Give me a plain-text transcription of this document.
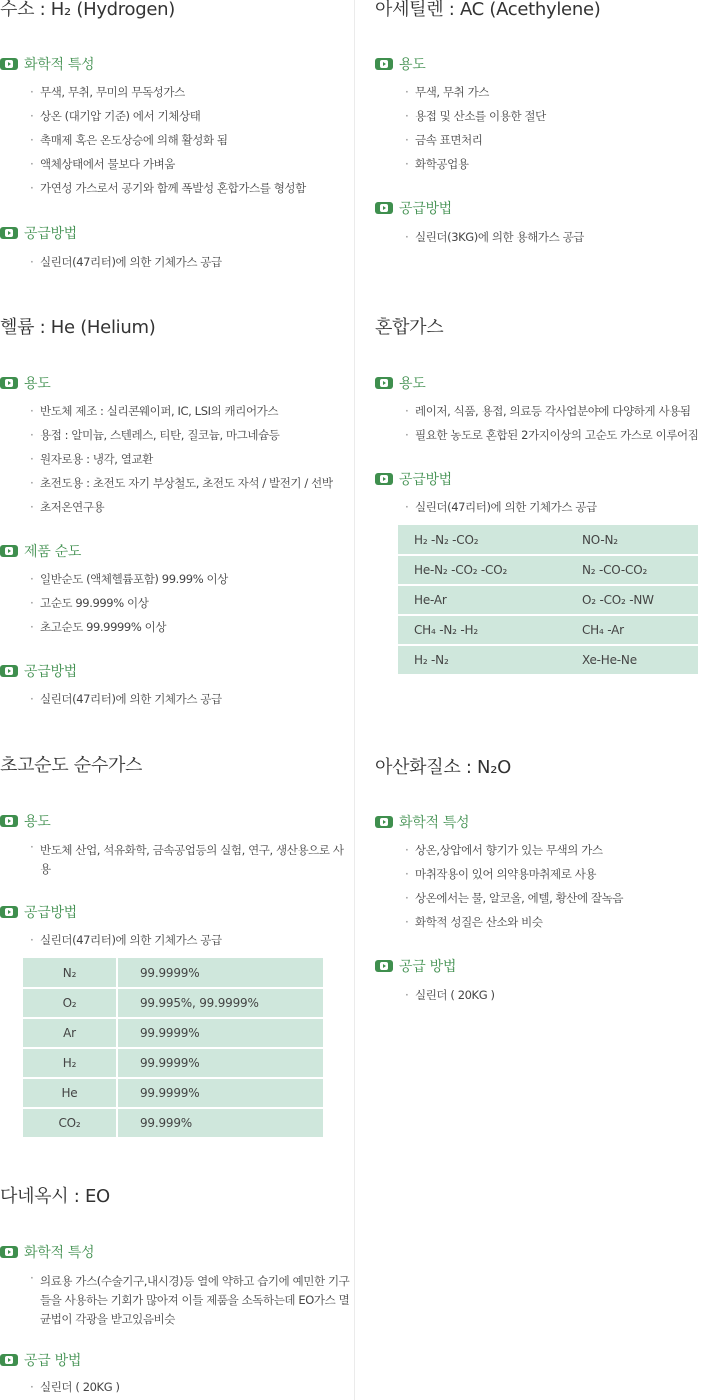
수소 : H₂ (Hydrogen)
화학적 특성
· 무색, 무취, 무미의 무독성가스
· 상온 (대기압 기준) 에서 기체상태
· 촉매제 혹은 온도상승에 의해 활성화 됨
· 액체상태에서 물보다 가벼움
· 가연성 가스로서 공기와 함께 폭발성 혼합가스를 형성함
공급방법
· 실린더(47리터)에 의한 기체가스 공급
아세틸렌 : AC (Acethylene)
용도
· 무색, 무취 가스
· 용접 및 산소를 이용한 절단
· 금속 표면처리
· 화학공업용
공급방법
· 실린더(3KG)에 의한 용해가스 공급
헬륨 : He (Helium)
용도
· 반도체 제조 : 실리콘웨이퍼, IC, LSI의 캐리어가스
· 용접 : 알미늄, 스텐레스, 티탄, 질코늄, 마그네슘등
· 원자로용 : 냉각, 열교환
· 초전도용 : 초전도 자기 부상철도, 초전도 자석 / 발전기 / 선박
· 초저온연구용
제품 순도
· 일반순도 (액체헬륨포함) 99.99% 이상
· 고순도 99.999% 이상
· 초고순도 99.9999% 이상
공급방법
· 실린더(47리터)에 의한 기체가스 공급
혼합가스
용도
· 레이저, 식품, 용접, 의료등 각사업분야에 다양하게 사용됨
· 필요한 농도로 혼합된 2가지이상의 고순도 가스로 이루어짐
공급방법
· 실린더(47리터)에 의한 기체가스 공급
H₂ -N₂ -CO₂	NO-N₂
He-N₂ -CO₂ -CO₂	N₂ -CO-CO₂
He-Ar	O₂ -CO₂ -NW
CH₄ -N₂ -H₂	CH₄ -Ar
H₂ -N₂	Xe-He-Ne
초고순도 순수가스
용도
· 반도체 산업, 석유화학, 금속공업등의 실험, 연구, 생산용으로 사용
공급방법
· 실린더(47리터)에 의한 기체가스 공급
N₂	99.9999%
O₂	99.995%, 99.9999%
Ar	99.9999%
H₂	99.9999%
He	99.9999%
CO₂	99.999%
아산화질소 : N₂O
화학적 특성
· 상온,상압에서 향기가 있는 무색의 가스
· 마취작용이 있어 의약용마취제로 사용
· 상온에서는 물, 알코올, 에텔, 황산에 잘녹음
· 화학적 성질은 산소와 비슷
공급 방법
· 실린더 ( 20KG )
다네옥시 : EO
화학적 특성
· 의료용 가스(수술기구,내시경)등 열에 약하고 습기에 예민한 기구들을 사용하는 기회가 많아져 이들 제품을 소독하는데 EO가스 멸균법이 각광을 받고있음비슷
공급 방법
· 실린더 ( 20KG )
